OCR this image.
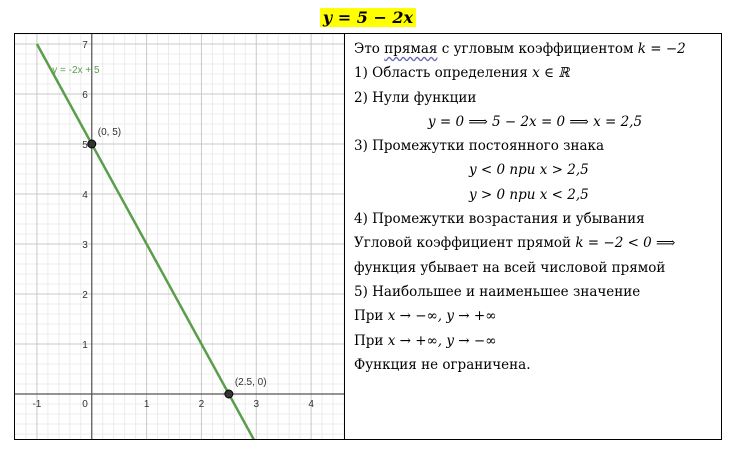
y = 5 − 2x
-1	1	2	3	4
1
2
3
4
5
6
7
0
y = -2x + 5
(0, 5)
(2.5, 0)
Это прямая с угловым коэффициентом k = −2
1) Область определения x ∈ ℝ
2) Нули функции
y = 0 ⟹ 5 − 2x = 0 ⟹ x = 2,5
3) Промежутки постоянного знака
y < 0 при x > 2,5
y > 0 при x < 2,5
4) Промежутки возрастания и убывания
Угловой коэффициент прямой k = −2 < 0 ⟹
функция убывает на всей числовой прямой
5) Наибольшее и наименьшее значение
При x → −∞, y → +∞
При x → +∞, y → −∞
Функция не ограничена.
